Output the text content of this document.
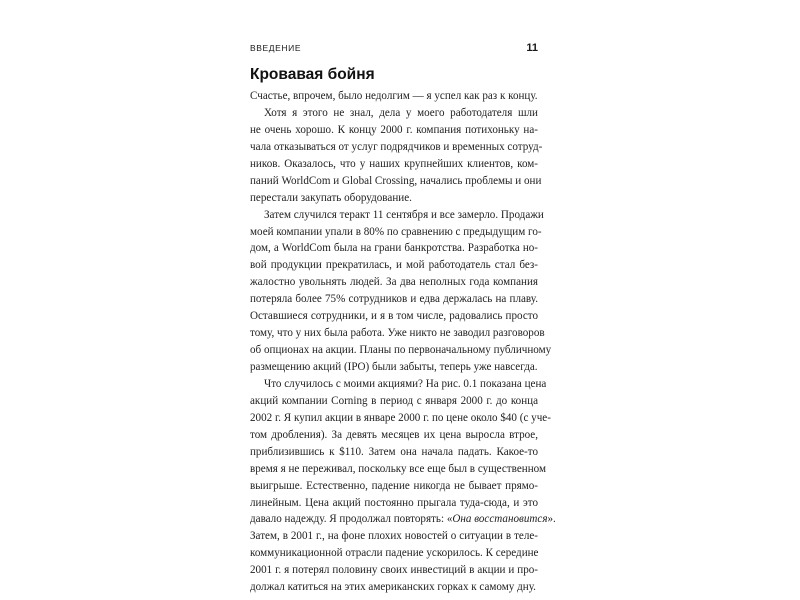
ВВЕДЕНИЕ	11
Кровавая бойня
Счастье, впрочем, было недолгим — я успел как раз к концу.
Хотя я этого не знал, дела у моего работодателя шли
не очень хорошо. К концу 2000 г. компания потихоньку на-
чала отказываться от услуг подрядчиков и временных сотруд-
ников. Оказалось, что у наших крупнейших клиентов, ком-
паний WorldCom и Global Crossing, начались проблемы и они
перестали закупать оборудование.
Затем случился теракт 11 сентября и все замерло. Продажи
моей компании упали в 80% по сравнению с предыдущим го-
дом, а WorldCom была на грани банкротства. Разработка но-
вой продукции прекратилась, и мой работодатель стал без-
жалостно увольнять людей. За два неполных года компания
потеряла более 75% сотрудников и едва держалась на плаву.
Оставшиеся сотрудники, и я в том числе, радовались просто
тому, что у них была работа. Уже никто не заводил разговоров
об опционах на акции. Планы по первоначальному публичному
размещению акций (IPO) были забыты, теперь уже навсегда.
Что случилось с моими акциями? На рис. 0.1 показана цена
акций компании Corning в период с января 2000 г. до конца
2002 г. Я купил акции в январе 2000 г. по цене около $40 (с уче-
том дробления). За девять месяцев их цена выросла втрое,
приблизившись к $110. Затем она начала падать. Какое-то
время я не переживал, поскольку все еще был в существенном
выигрыше. Естественно, падение никогда не бывает прямо-
линейным. Цена акций постоянно прыгала туда-сюда, и это
давало надежду. Я продолжал повторять: «Она восстановится».
Затем, в 2001 г., на фоне плохих новостей о ситуации в теле-
коммуникационной отрасли падение ускорилось. К середине
2001 г. я потерял половину своих инвестиций в акции и про-
должал катиться на этих американских горках к самому дну.
